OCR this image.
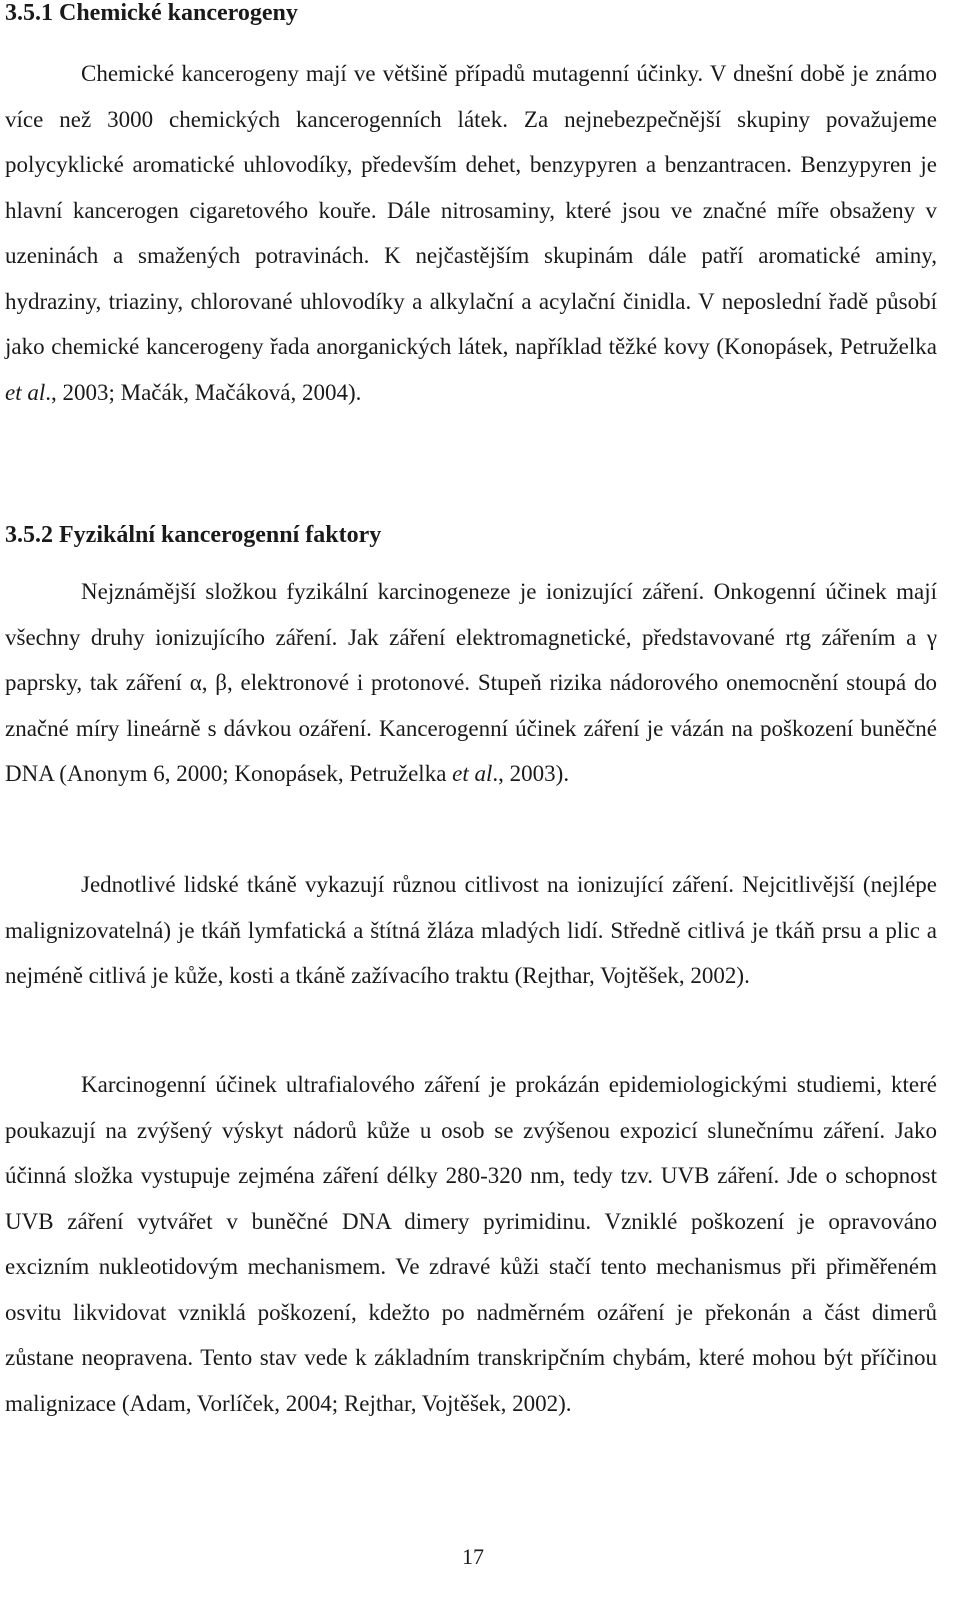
3.5.1 Chemické kancerogeny

Chemické kancerogeny mají ve většině případů mutagenní účinky. V dnešní době je známo více než 3000 chemických kancerogenních látek. Za nejnebezpečnější skupiny považujeme polycyklické aromatické uhlovodíky, především dehet, benzypyren a benzantracen. Benzypyren je hlavní kancerogen cigaretového kouře. Dále nitrosaminy, které jsou ve značné míře obsaženy v uzeninách a smažených potravinách. K nejčastějším skupinám dále patří aromatické aminy, hydraziny, triaziny, chlorované uhlovodíky a alkylační a acylační činidla. V neposlední řadě působí jako chemické kancerogeny řada anorganických látek, například těžké kovy (Konopásek, Petruželka et al., 2003; Mačák, Mačáková, 2004).

3.5.2 Fyzikální kancerogenní faktory

Nejznámější složkou fyzikální karcinogeneze je ionizující záření. Onkogenní účinek mají všechny druhy ionizujícího záření. Jak záření elektromagnetické, představované rtg zářením a γ paprsky, tak záření α, β, elektronové i protonové. Stupeň rizika nádorového onemocnění stoupá do značné míry lineárně s dávkou ozáření. Kancerogenní účinek záření je vázán na poškození buněčné DNA (Anonym 6, 2000; Konopásek, Petruželka et al., 2003).

Jednotlivé lidské tkáně vykazují různou citlivost na ionizující záření. Nejcitlivější (nejlépe malignizovatelná) je tkáň lymfatická a štítná žláza mladých lidí. Středně citlivá je tkáň prsu a plic a nejméně citlivá je kůže, kosti a tkáně zažívacího traktu (Rejthar, Vojtěšek, 2002).

Karcinogenní účinek ultrafialového záření je prokázán epidemiologickými studiemi, které poukazují na zvýšený výskyt nádorů kůže u osob se zvýšenou expozicí slunečnímu záření. Jako účinná složka vystupuje zejména záření délky 280-320 nm, tedy tzv. UVB záření. Jde o schopnost UVB záření vytvářet v buněčné DNA dimery pyrimidinu. Vzniklé poškození je opravováno excizním nukleotidovým mechanismem. Ve zdravé kůži stačí tento mechanismus při přiměřeném osvitu likvidovat vzniklá poškození, kdežto po nadměrném ozáření je překonán a část dimerů zůstane neopravena. Tento stav vede k základním transkripčním chybám, které mohou být příčinou malignizace (Adam, Vorlíček, 2004; Rejthar, Vojtěšek, 2002).

17
